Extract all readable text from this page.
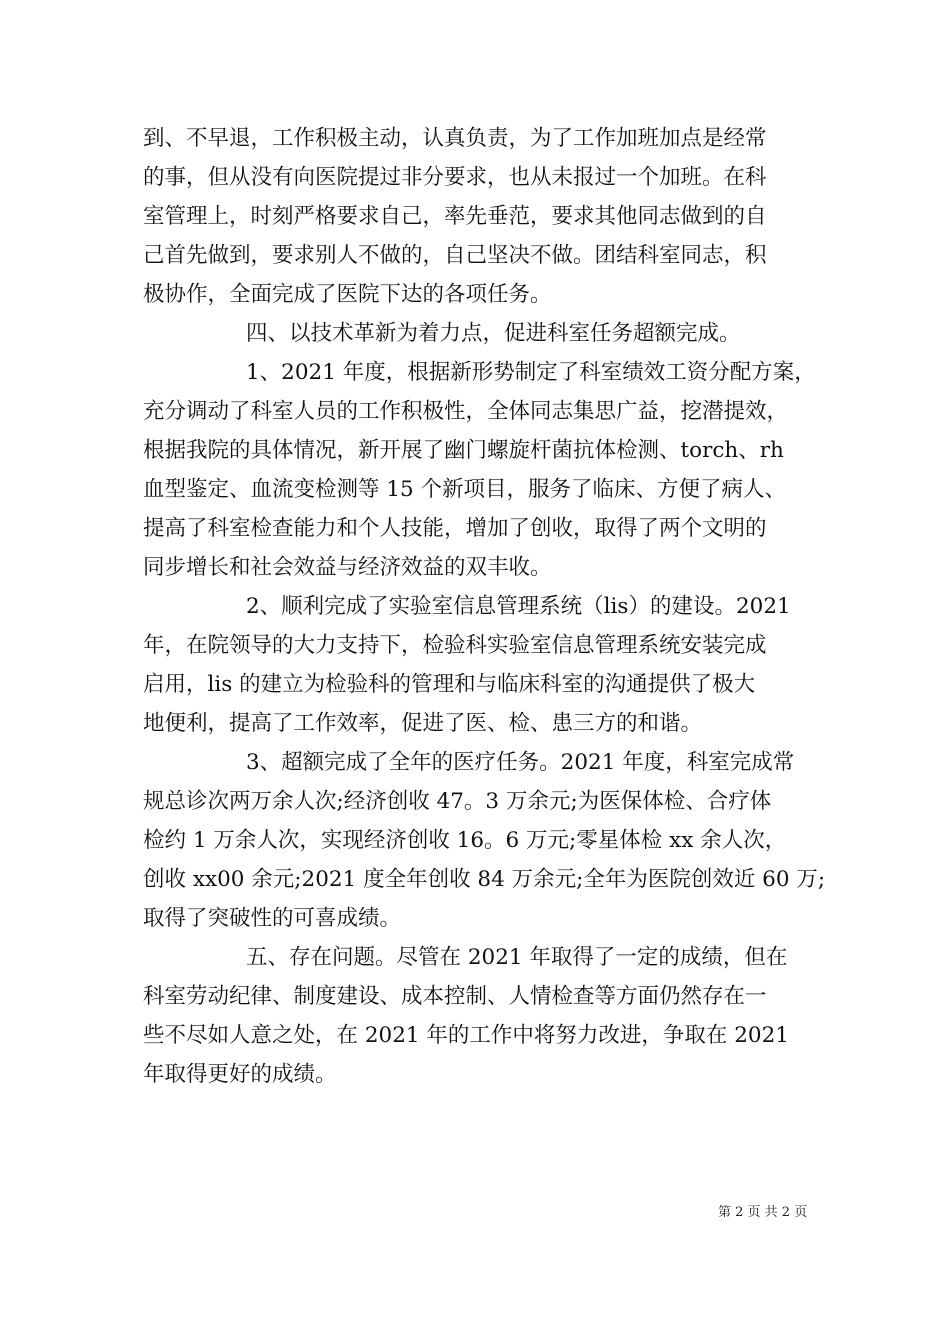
到、不早退，工作积极主动，认真负责，为了工作加班加点是经常
的事，但从没有向医院提过非分要求，也从未报过一个加班。在科
室管理上，时刻严格要求自己，率先垂范，要求其他同志做到的自
己首先做到，要求别人不做的，自己坚决不做。团结科室同志，积
极协作，全面完成了医院下达的各项任务。
四、以技术革新为着力点，促进科室任务超额完成。
1、2021 年度，根据新形势制定了科室绩效工资分配方案，
充分调动了科室人员的工作积极性，全体同志集思广益，挖潜提效，
根据我院的具体情况，新开展了幽门螺旋杆菌抗体检测、torch、rh
血型鉴定、血流变检测等 15 个新项目，服务了临床、方便了病人、
提高了科室检查能力和个人技能，增加了创收，取得了两个文明的
同步增长和社会效益与经济效益的双丰收。
2、顺利完成了实验室信息管理系统（lis）的建设。2021
年，在院领导的大力支持下，检验科实验室信息管理系统安装完成
启用，lis 的建立为检验科的管理和与临床科室的沟通提供了极大
地便利，提高了工作效率，促进了医、检、患三方的和谐。
3、超额完成了全年的医疗任务。2021 年度，科室完成常
规总诊次两万余人次;经济创收 47。3 万余元;为医保体检、合疗体
检约 1 万余人次，实现经济创收 16。6 万元;零星体检 xx 余人次，
创收 xx00 余元;2021 度全年创收 84 万余元;全年为医院创效近 60 万;
取得了突破性的可喜成绩。
五、存在问题。尽管在 2021 年取得了一定的成绩，但在
科室劳动纪律、制度建设、成本控制、人情检查等方面仍然存在一
些不尽如人意之处，在 2021 年的工作中将努力改进，争取在 2021
年取得更好的成绩。
第 2 页 共 2 页
